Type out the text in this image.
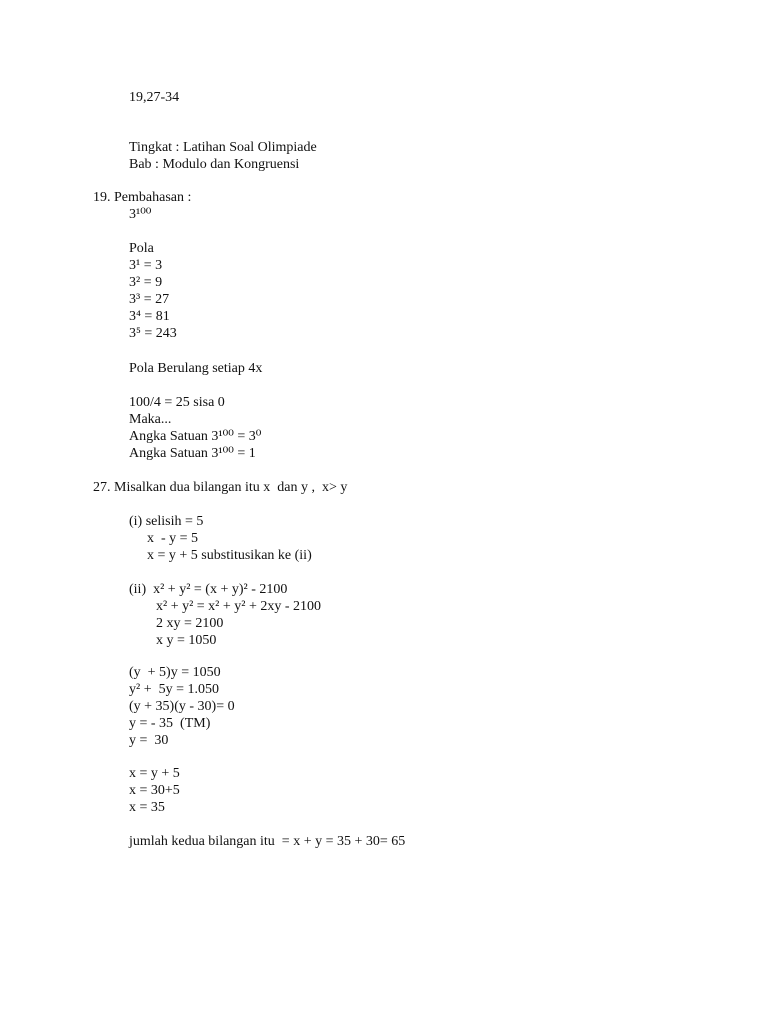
19,27-34

Tingkat : Latihan Soal Olimpiade

Bab : Modulo dan Kongruensi

19. Pembahasan :

3¹⁰⁰

Pola

3¹ = 3

3² = 9

3³ = 27

3⁴ = 81

3⁵ = 243

Pola Berulang setiap 4x

100/4 = 25 sisa 0

Maka...

Angka Satuan 3¹⁰⁰ = 3⁰

Angka Satuan 3¹⁰⁰ = 1

27. Misalkan dua bilangan itu x  dan y ,  x> y

(i) selisih = 5

x  - y = 5

x = y + 5 substitusikan ke (ii)

(ii)  x² + y² = (x + y)² - 2100

x² + y² = x² + y² + 2xy - 2100

2 xy = 2100

x y = 1050

(y  + 5)y = 1050

y² +  5y = 1.050

(y + 35)(y - 30)= 0

y = - 35  (TM)

y =  30

x = y + 5

x = 30+5

x = 35

jumlah kedua bilangan itu  = x + y = 35 + 30= 65
